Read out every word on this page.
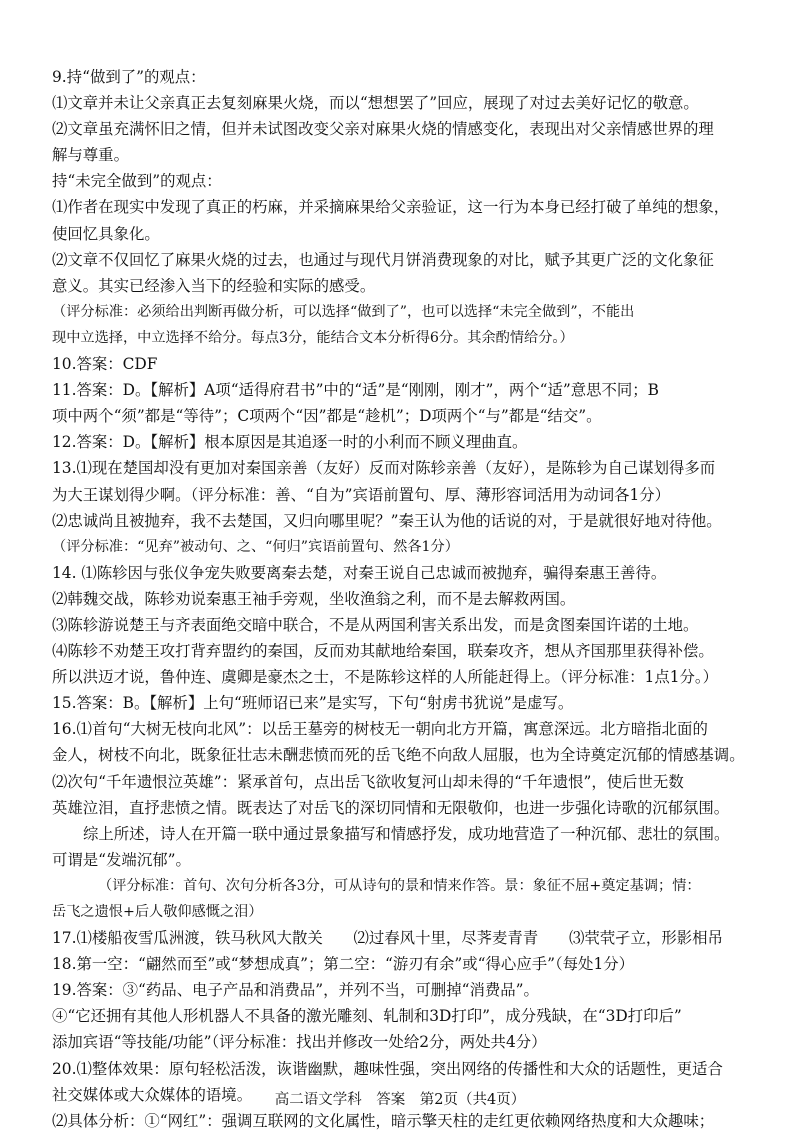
9.持“做到了”的观点：
⑴文章并未让父亲真正去复刻麻果火烧，而以“想想罢了”回应，展现了对过去美好记忆的敬意。
⑵文章虽充满怀旧之情，但并未试图改变父亲对麻果火烧的情感变化，表现出对父亲情感世界的理
解与尊重。
持“未完全做到”的观点：
⑴作者在现实中发现了真正的朽麻，并采摘麻果给父亲验证，这一行为本身已经打破了单纯的想象，
使回忆具象化。
⑵文章不仅回忆了麻果火烧的过去，也通过与现代月饼消费现象的对比，赋予其更广泛的文化象征
意义。其实已经渗入当下的经验和实际的感受。
（评分标准：必须给出判断再做分析，可以选择“做到了”，也可以选择“未完全做到”，不能出
现中立选择，中立选择不给分。每点3分，能结合文本分析得6分。其余酌情给分。）
10.答案：CDF
11.答案：D。【解析】A项“适得府君书”中的“适”是“刚刚，刚才”，两个“适”意思不同；B
项中两个“须”都是“等待”；C项两个“因”都是“趁机”；D项两个“与”都是“结交”。
12.答案：D。【解析】根本原因是其追逐一时的小利而不顾义理曲直。
13.⑴现在楚国却没有更加对秦国亲善（友好）反而对陈轸亲善（友好），是陈轸为自己谋划得多而
为大王谋划得少啊。（评分标准：善、“自为”宾语前置句、厚、薄形容词活用为动词各1分）
⑵忠诚尚且被抛弃，我不去楚国，又归向哪里呢？”秦王认为他的话说的对，于是就很好地对待他。
（评分标准：“见弃”被动句、之、“何归”宾语前置句、然各1分）
14. ⑴陈轸因与张仪争宠失败要离秦去楚，对秦王说自己忠诚而被抛弃，骗得秦惠王善待。
⑵韩魏交战，陈轸劝说秦惠王袖手旁观，坐收渔翁之利，而不是去解救两国。
⑶陈轸游说楚王与齐表面绝交暗中联合，不是从两国利害关系出发，而是贪图秦国许诺的土地。
⑷陈轸不劝楚王攻打背弃盟约的秦国，反而劝其献地给秦国，联秦攻齐，想从齐国那里获得补偿。
所以洪迈才说，鲁仲连、虞卿是豪杰之士，不是陈轸这样的人所能赶得上。（评分标准：1点1分。）
15.答案：B。【解析】上句“班师诏已来”是实写，下句“射虏书犹说”是虚写。
16.⑴首句“大树无枝向北风”：以岳王墓旁的树枝无一朝向北方开篇，寓意深远。北方暗指北面的
金人，树枝不向北，既象征壮志未酬悲愤而死的岳飞绝不向敌人屈服，也为全诗奠定沉郁的情感基调。
⑵次句“千年遗恨泣英雄”：紧承首句，点出岳飞欲收复河山却未得的“千年遗恨”，使后世无数
英雄泣泪，直抒悲愤之情。既表达了对岳飞的深切同情和无限敬仰，也进一步强化诗歌的沉郁氛围。
综上所述，诗人在开篇一联中通过景象描写和情感抒发，成功地营造了一种沉郁、悲壮的氛围。
可谓是“发端沉郁”。
（评分标准：首句、次句分析各3分，可从诗句的景和情来作答。景：象征不屈+奠定基调；情：
岳飞之遗恨+后人敬仰感慨之泪）
17.⑴楼船夜雪瓜洲渡，铁马秋风大散关　　⑵过春风十里，尽荠麦青青　　⑶茕茕孑立，形影相吊
18.第一空：“翩然而至”或“梦想成真”；第二空：“游刃有余”或“得心应手”（每处1分）
19.答案：③“药品、电子产品和消费品”，并列不当，可删掉“消费品”。
④“它还拥有其他人形机器人不具备的激光雕刻、轧制和3D打印”，成分残缺，在“3D打印后”
添加宾语“等技能/功能”（评分标准：找出并修改一处给2分，两处共4分）
20.⑴整体效果：原句轻松活泼，诙谐幽默，趣味性强，突出网络的传播性和大众的话题性，更适合
社交媒体或大众媒体的语境。
⑵具体分析：①“网红”：强调互联网的文化属性，暗示擎天柱的走红更依赖网络热度和大众趣味；
高二语文学科　答案　第2页（共4页）
